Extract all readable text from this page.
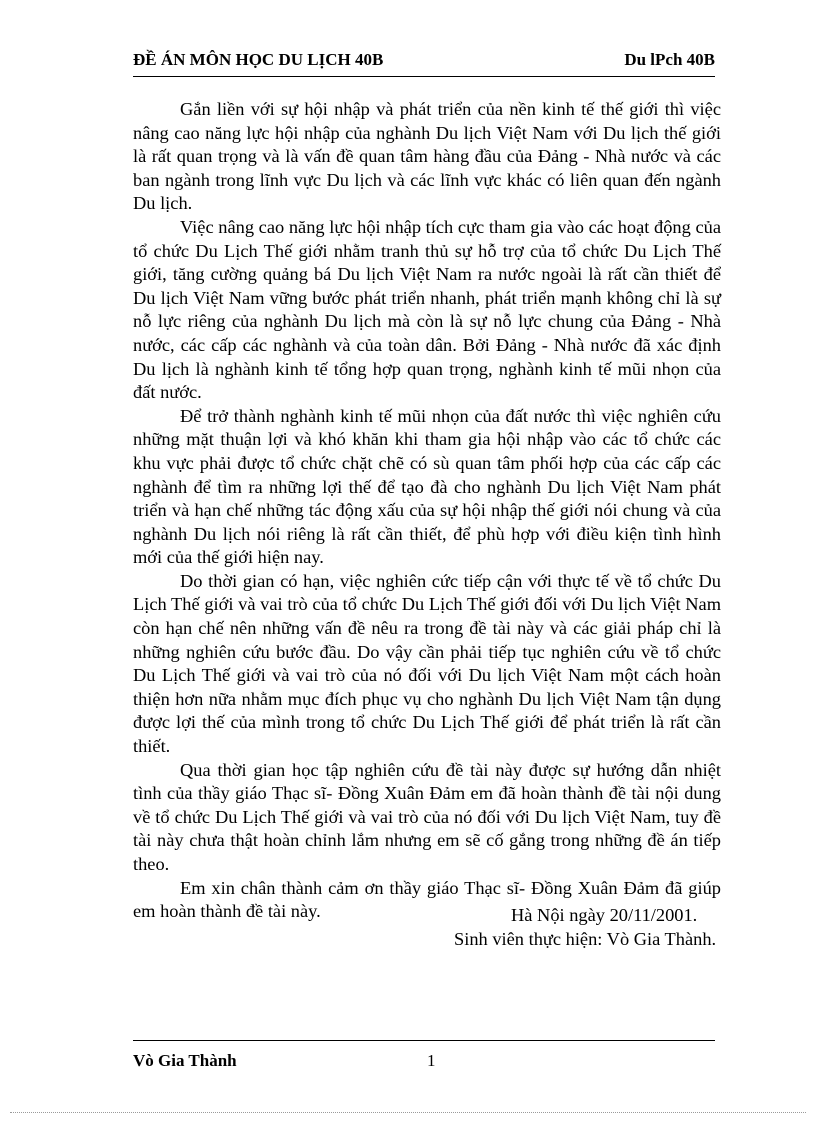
ĐỀ ÁN MÔN HỌC DU LỊCH 40B	Du lPch 40B

Gắn liền với sự hội nhập và phát triển của nền kinh tế thế giới thì việc nâng cao năng lực hội nhập của nghành Du lịch Việt Nam với Du lịch thế giới là rất quan trọng và là vấn đề quan tâm hàng đầu của Đảng - Nhà nước và các ban ngành trong lĩnh vực Du lịch và các lĩnh vực khác có liên quan đến ngành Du lịch.

Việc nâng cao năng lực hội nhập tích cực tham gia vào các hoạt động của tổ chức Du Lịch Thế giới nhằm tranh thủ sự hỗ trợ của tổ chức Du Lịch Thế giới, tăng cường quảng bá Du lịch Việt Nam ra nước ngoài là rất cần thiết để Du lịch Việt Nam vững bước phát triển nhanh, phát triển mạnh không chỉ là sự nỗ lực riêng của nghành Du lịch mà còn là sự nỗ lực chung của Đảng - Nhà nước, các cấp các nghành và của toàn dân. Bởi Đảng - Nhà nước đã xác định Du lịch là nghành kinh tế tổng hợp quan trọng, nghành kinh tế mũi nhọn của đất nước.

Để trở thành nghành kinh tế mũi nhọn của đất nước thì việc nghiên cứu những mặt thuận lợi và khó khăn khi tham gia hội nhập vào các tổ chức các khu vực phải được tổ chức chặt chẽ có sù quan tâm phối hợp của các cấp các nghành để tìm ra những lợi thế để tạo đà cho nghành Du lịch Việt Nam phát triển và hạn chế những tác động xấu của sự hội nhập thế giới nói chung và của nghành Du lịch nói riêng là rất cần thiết, để phù hợp với điều kiện tình hình mới của thế giới hiện nay.

Do thời gian có hạn, việc nghiên cức tiếp cận với thực tế về tổ chức Du Lịch Thế giới và vai trò của tổ chức Du Lịch Thế giới đối với Du lịch Việt Nam còn hạn chế nên những vấn đề nêu ra trong đề tài này và các giải pháp chỉ là những nghiên cứu bước đầu. Do vậy cần phải tiếp tục nghiên cứu về tổ chức Du Lịch Thế giới và vai trò của nó đối với Du lịch Việt Nam một cách hoàn thiện hơn nữa nhằm mục đích phục vụ cho nghành Du lịch Việt Nam tận dụng được lợi thế của mình trong tổ chức Du Lịch Thế giới để phát triển là rất cần thiết.

Qua thời gian học tập nghiên cứu đề tài này được sự hướng dẫn nhiệt tình của thầy giáo Thạc sĩ- Đồng Xuân Đảm em đã hoàn thành đề tài nội dung về tổ chức Du Lịch Thế giới và vai trò của nó đối với Du lịch Việt Nam, tuy đề tài này chưa thật hoàn chỉnh lắm nhưng em sẽ cố gắng trong những đề án tiếp theo.

Em xin chân thành cảm ơn thầy giáo Thạc sĩ- Đồng Xuân Đảm đã giúp em hoàn thành đề tài này.	Hà Nội ngày 20/11/2001.
Sinh viên thực hiện: Vò Gia Thành.
Vò Gia Thành	1
